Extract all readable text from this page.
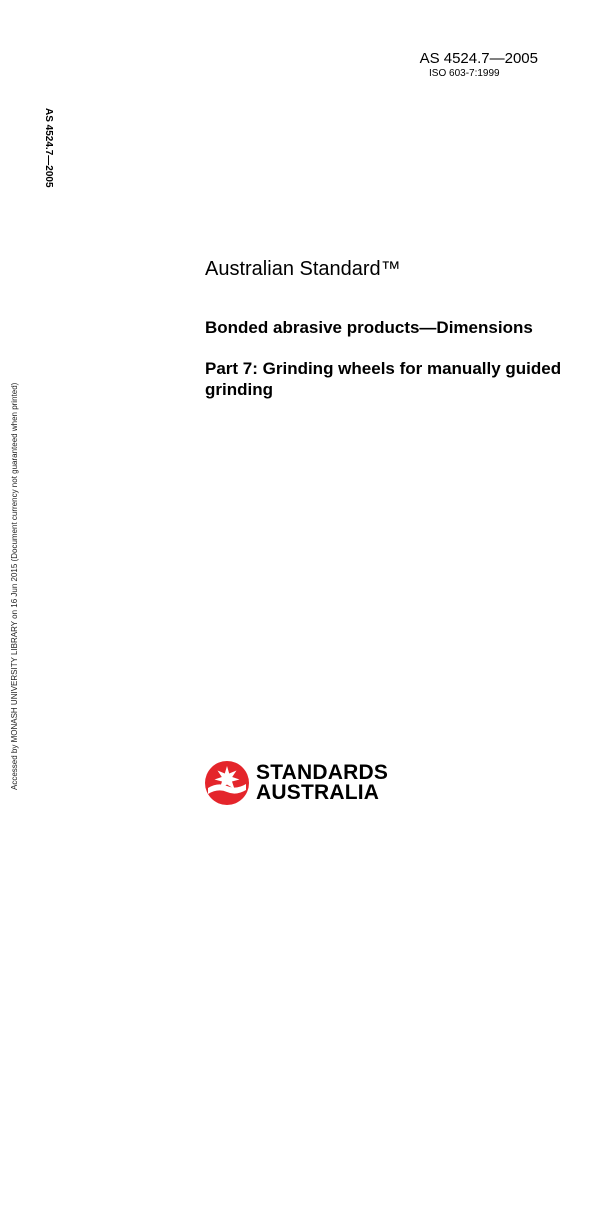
AS 4524.7—2005
ISO 603-7:1999
AS 4524.7—2005
Accessed by MONASH UNIVERSITY LIBRARY on 16 Jun 2015 (Document currency not guaranteed when printed)
Australian Standard™
Bonded abrasive products—Dimensions
Part 7: Grinding wheels for manually guided grinding
STANDARDS
AUSTRALIA
